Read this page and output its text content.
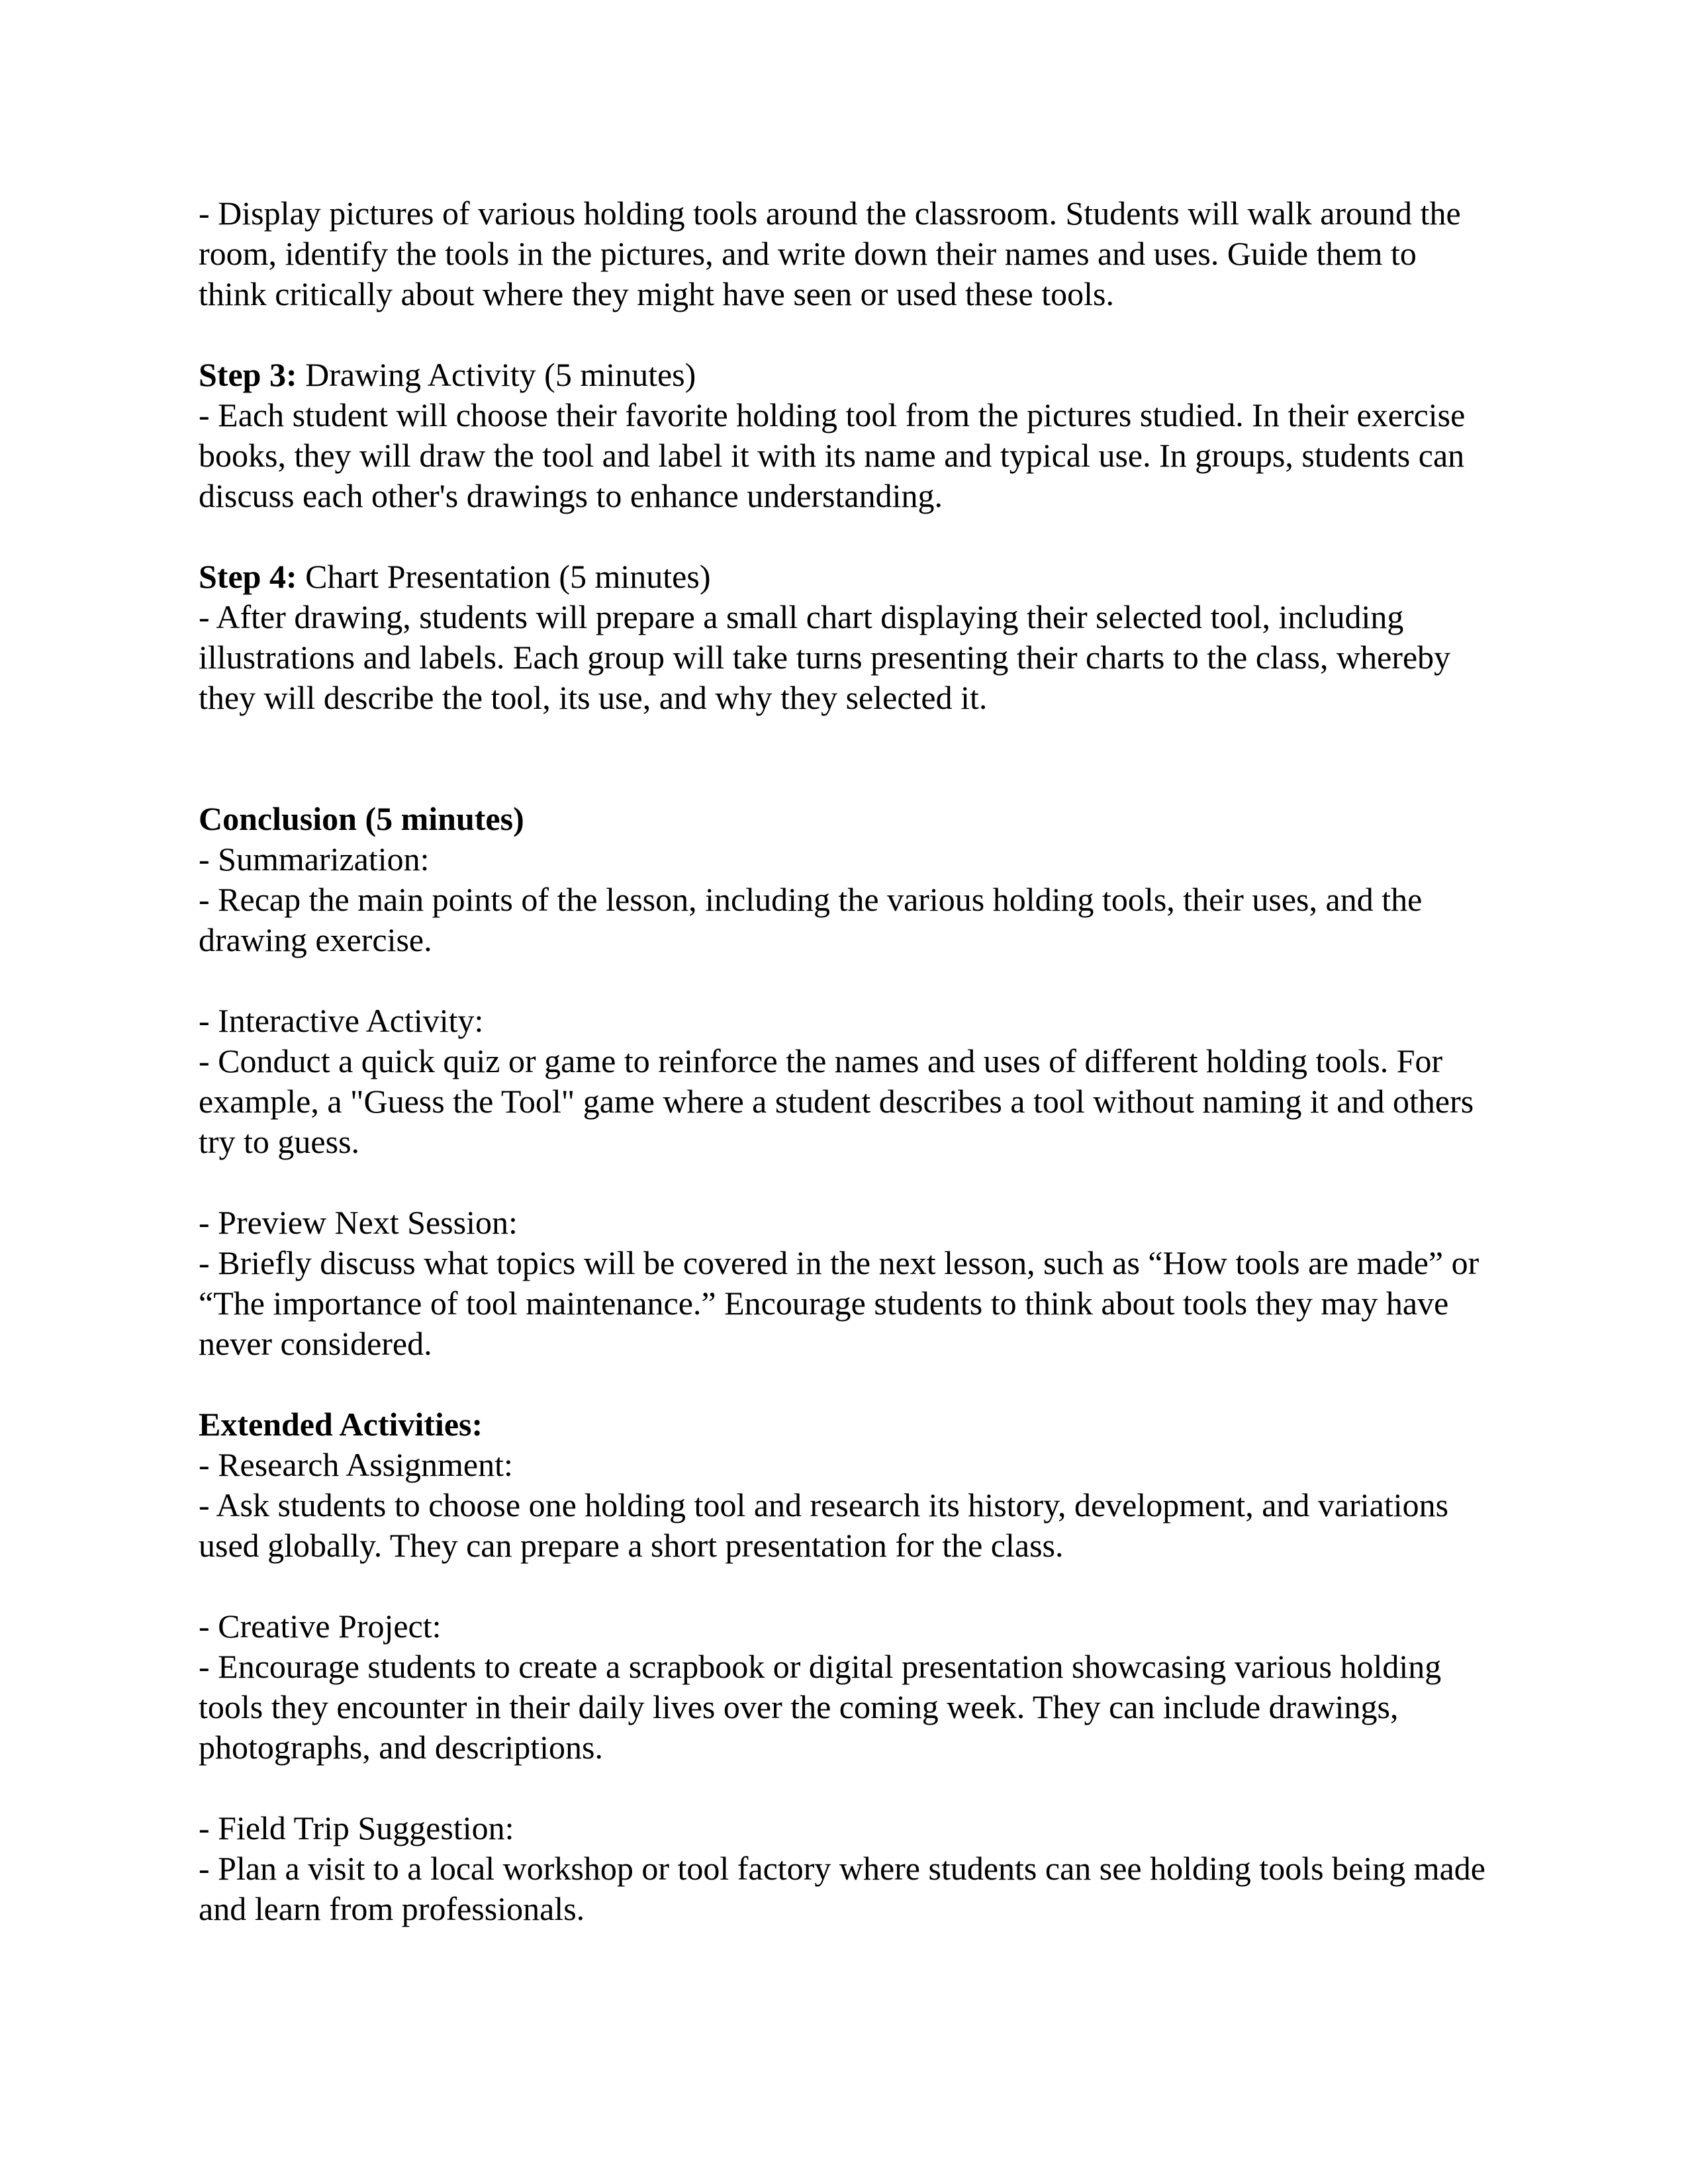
- Display pictures of various holding tools around the classroom. Students will walk around the room, identify the tools in the pictures, and write down their names and uses. Guide them to think critically about where they might have seen or used these tools.

Step 3: Drawing Activity (5 minutes)

- Each student will choose their favorite holding tool from the pictures studied. In their exercise books, they will draw the tool and label it with its name and typical use. In groups, students can discuss each other's drawings to enhance understanding.

Step 4: Chart Presentation (5 minutes)

- After drawing, students will prepare a small chart displaying their selected tool, including illustrations and labels. Each group will take turns presenting their charts to the class, whereby they will describe the tool, its use, and why they selected it.

Conclusion (5 minutes)

- Summarization:

- Recap the main points of the lesson, including the various holding tools, their uses, and the drawing exercise.

- Interactive Activity:

- Conduct a quick quiz or game to reinforce the names and uses of different holding tools. For example, a "Guess the Tool" game where a student describes a tool without naming it and others try to guess.

- Preview Next Session:

- Briefly discuss what topics will be covered in the next lesson, such as “How tools are made” or “The importance of tool maintenance.” Encourage students to think about tools they may have never considered.

Extended Activities:

- Research Assignment:

- Ask students to choose one holding tool and research its history, development, and variations used globally. They can prepare a short presentation for the class.

- Creative Project:

- Encourage students to create a scrapbook or digital presentation showcasing various holding tools they encounter in their daily lives over the coming week. They can include drawings, photographs, and descriptions.

- Field Trip Suggestion:

- Plan a visit to a local workshop or tool factory where students can see holding tools being made and learn from professionals.
